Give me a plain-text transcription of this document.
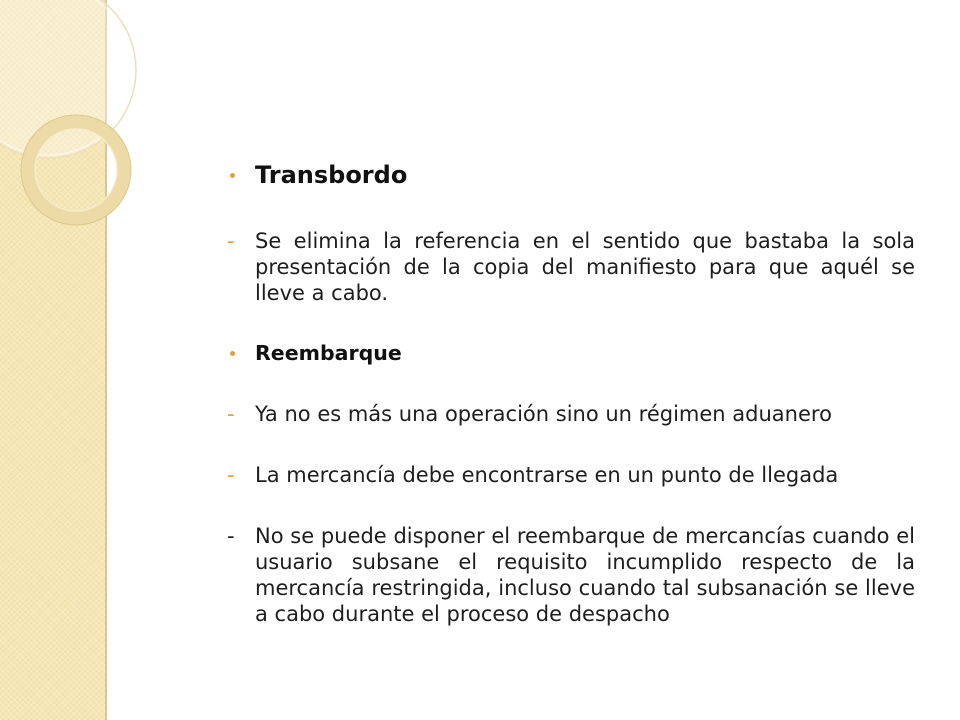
Transbordo
- Se elimina la referencia en el sentido que bastaba la sola presentación de la copia del manifiesto para que aquél se lleve a cabo.

Reembarque
- Ya no es más una operación sino un régimen aduanero

- La mercancía debe encontrarse en un punto de llegada

- No se puede disponer el reembarque de mercancías cuando el usuario subsane el requisito incumplido respecto de la mercancía restringida, incluso cuando tal subsanación se lleve a cabo durante el proceso de despacho
